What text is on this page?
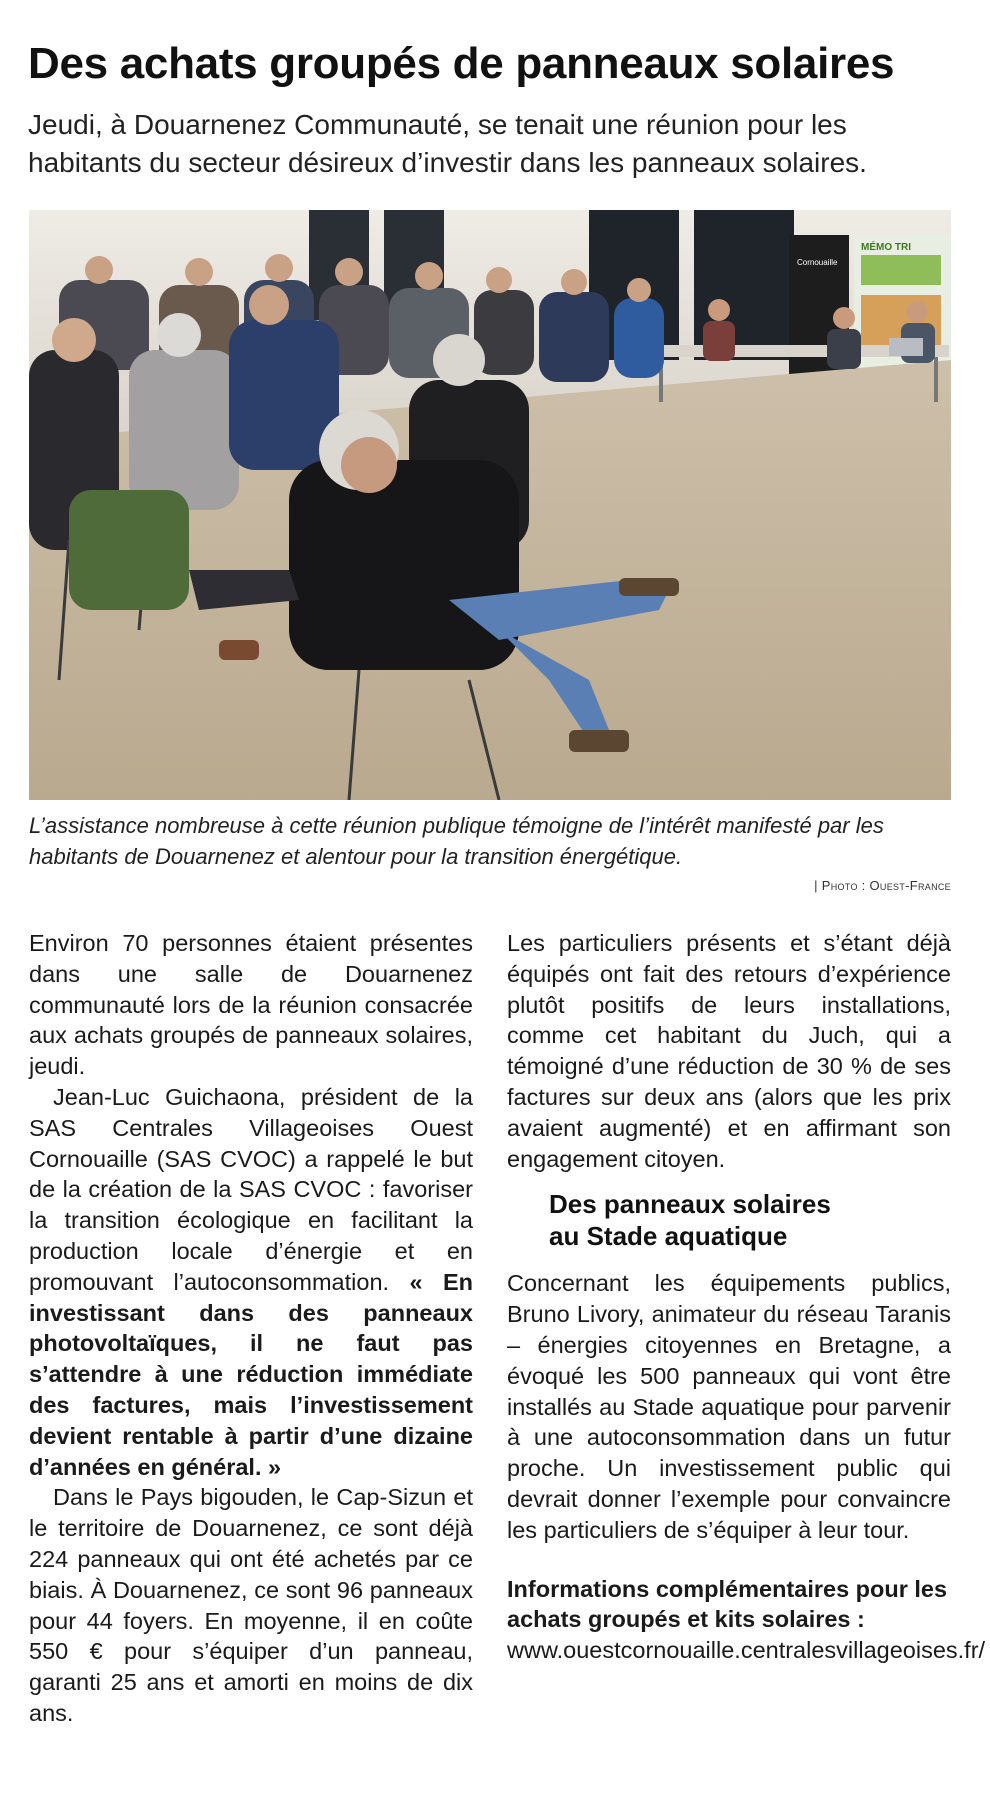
Des achats groupés de panneaux solaires

Jeudi, à Douarnenez Communauté, se tenait une réunion pour les habitants du secteur désireux d’investir dans les panneaux solaires.

MÉMO TRI
Cornouaille

L’assistance nombreuse à cette réunion publique témoigne de l’intérêt manifesté par les habitants de Douarnenez et alentour pour la transition énergétique.

| Photo : Ouest-France

Environ 70 personnes étaient présentes dans une salle de Douarnenez communauté lors de la réunion consacrée aux achats groupés de panneaux solaires, jeudi.

Jean-Luc Guichaona, président de la SAS Centrales Villageoises Ouest Cornouaille (SAS CVOC) a rappelé le but de la création de la SAS CVOC : favoriser la transition écologique en facilitant la production locale d’énergie et en promouvant l’autoconsommation. « En investissant dans des panneaux photovoltaïques, il ne faut pas s’attendre à une réduction immédiate des factures, mais l’investissement devient rentable à partir d’une dizaine d’années en général. »

Dans le Pays bigouden, le Cap-Sizun et le territoire de Douarnenez, ce sont déjà 224 panneaux qui ont été achetés par ce biais. À Douarnenez, ce sont 96 panneaux pour 44 foyers. En moyenne, il en coûte 550 € pour s’équiper d’un panneau, garanti 25 ans et amorti en moins de dix ans.

Les particuliers présents et s’étant déjà équipés ont fait des retours d’expérience plutôt positifs de leurs installations, comme cet habitant du Juch, qui a témoigné d’une réduction de 30 % de ses factures sur deux ans (alors que les prix avaient augmenté) et en affirmant son engagement citoyen.

Des panneaux solaires
au Stade aquatique

Concernant les équipements publics, Bruno Livory, animateur du réseau Taranis – énergies citoyennes en Bretagne, a évoqué les 500 panneaux qui vont être installés au Stade aquatique pour parvenir à une autoconsommation dans un futur proche. Un investissement public qui devrait donner l’exemple pour convaincre les particuliers de s’équiper à leur tour.

Informations complémentaires pour les achats groupés et kits solaires :
www.ouestcornouaille.centralesvillageoises.fr/
